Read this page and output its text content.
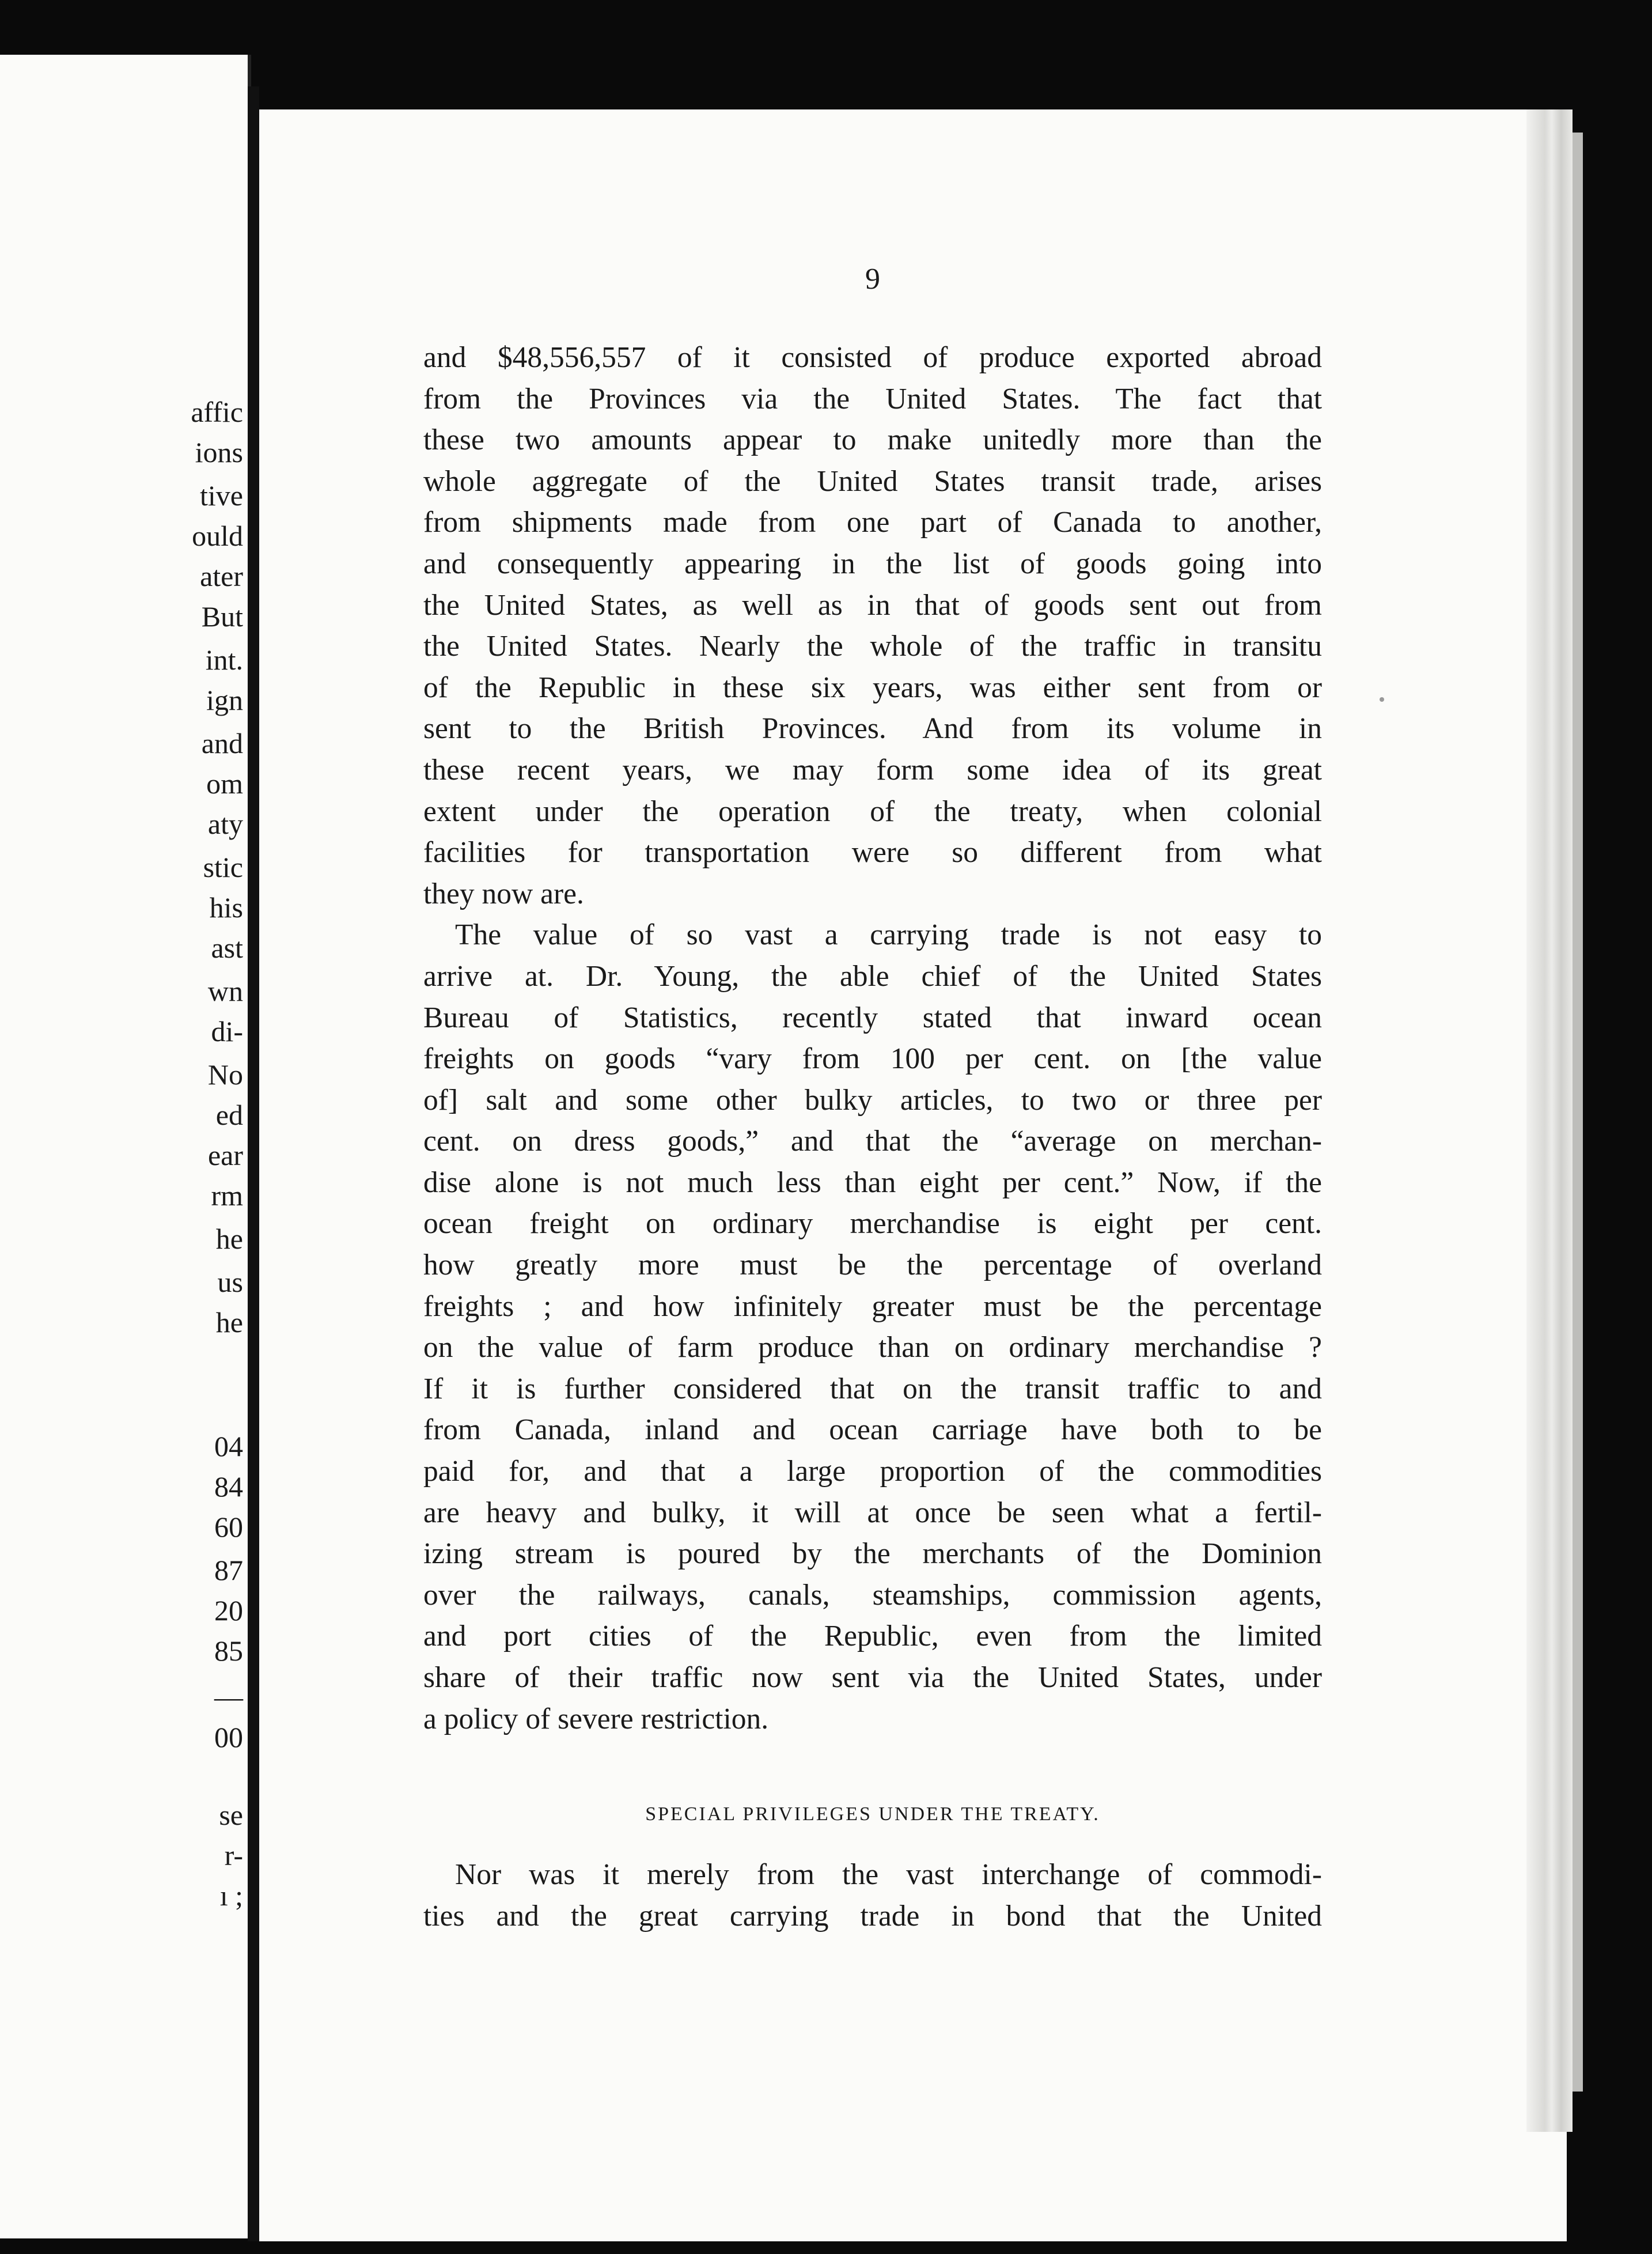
affic
ions
tive
ould
ater
But
int.
ign
and
om
aty
stic
his
ast
wn
di-
No
ed
ear
rm
he
us
he
04
84
60
87
20
85
—
00
se
r-
ı ;
9
and $48,556,557 of it consisted of produce exported abroad
from the Provinces via the United States. The fact that
these two amounts appear to make unitedly more than the
whole aggregate of the United States transit trade, arises
from shipments made from one part of Canada to another,
and consequently appearing in the list of goods going into
the United States, as well as in that of goods sent out from
the United States. Nearly the whole of the traffic in transitu
of the Republic in these six years, was either sent from or
sent to the British Provinces. And from its volume in
these recent years, we may form some idea of its great
extent under the operation of the treaty, when colonial
facilities for transportation were so different from what
they now are.
The value of so vast a carrying trade is not easy to
arrive at. Dr. Young, the able chief of the United States
Bureau of Statistics, recently stated that inward ocean
freights on goods “vary from 100 per cent. on [the value
of] salt and some other bulky articles, to two or three per
cent. on dress goods,” and that the “average on merchan-
dise alone is not much less than eight per cent.” Now, if the
ocean freight on ordinary merchandise is eight per cent.
how greatly more must be the percentage of overland
freights ; and how infinitely greater must be the percentage
on the value of farm produce than on ordinary merchandise ?
If it is further considered that on the transit traffic to and
from Canada, inland and ocean carriage have both to be
paid for, and that a large proportion of the commodities
are heavy and bulky, it will at once be seen what a fertil-
izing stream is poured by the merchants of the Dominion
over the railways, canals, steamships, commission agents,
and port cities of the Republic, even from the limited
share of their traffic now sent via the United States, under
a policy of severe restriction.
SPECIAL PRIVILEGES UNDER THE TREATY.
Nor was it merely from the vast interchange of commodi-
ties and the great carrying trade in bond that the United
